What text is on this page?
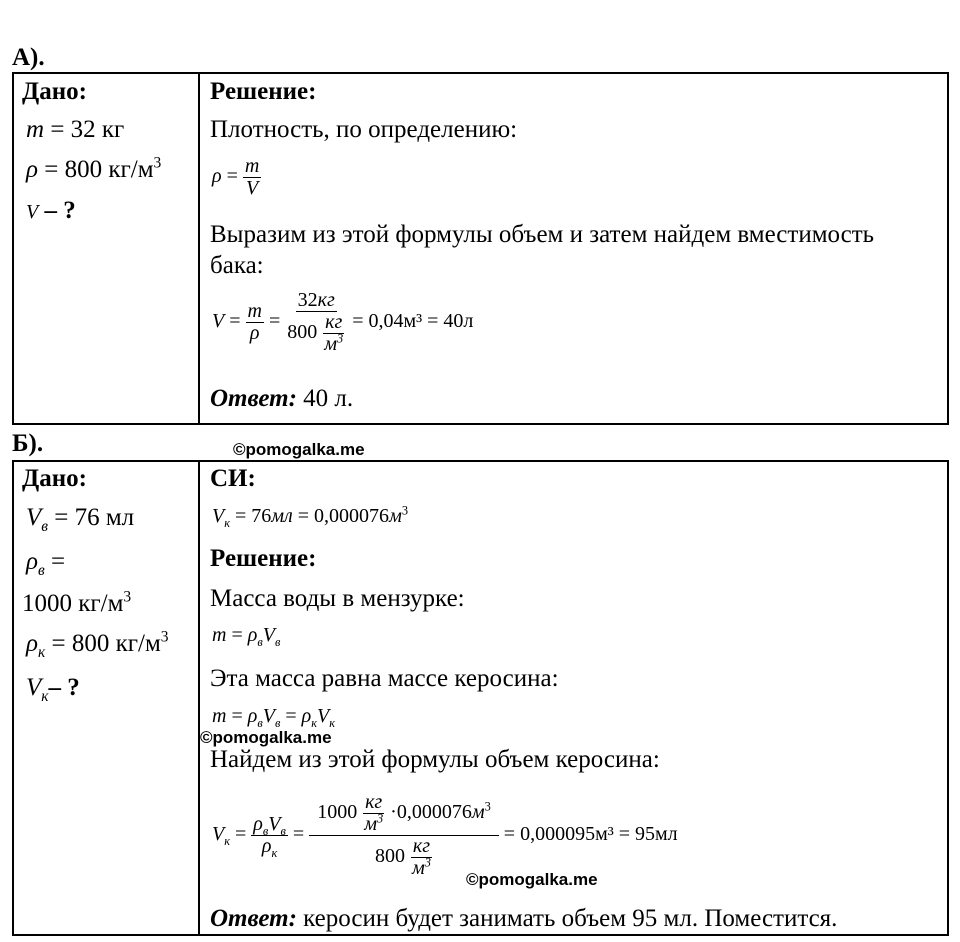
А).
Дано:
m = 32 кг
ρ = 800 $кг/м^3$
V – ?
Решение:
Плотность, по определению:
$\rho = \frac{m}{V}$
Выразим из этой формулы объем и затем найдем вместимость
бака:
$V = \frac{m}{\rho} = \frac{32кг}{800 \frac{кг}{м^3}} = 0,04м^3 = 40л$
Ответ: 40 л.
Б).	©pomogalka.me
Дано:
$V_в = 76$ мл
$\rho_в$ =
1000 $кг/м^3$
$\rho_к = 800$ $кг/м^3$
$V_к-$ ?
СИ:
$V_к = 76мл = 0,000076м^3$
Решение:
Масса воды в мензурке:
$m = \rho_вV_в$
Эта масса равна массе керосина:
$m = \rho_вV_в = \rho_кV_к$
©pomogalka.me
Найдем из этой формулы объем керосина:
$V_к = \frac{\rho_вV_в}{\rho_к} = \frac{1000 \frac{кг}{м^3} \cdot 0,000076м^3}{800 \frac{кг}{м^3}} = 0,000095м^3 = 95мл$
©pomogalka.me
Ответ: керосин будет занимать объем 95 мл. Поместится.
